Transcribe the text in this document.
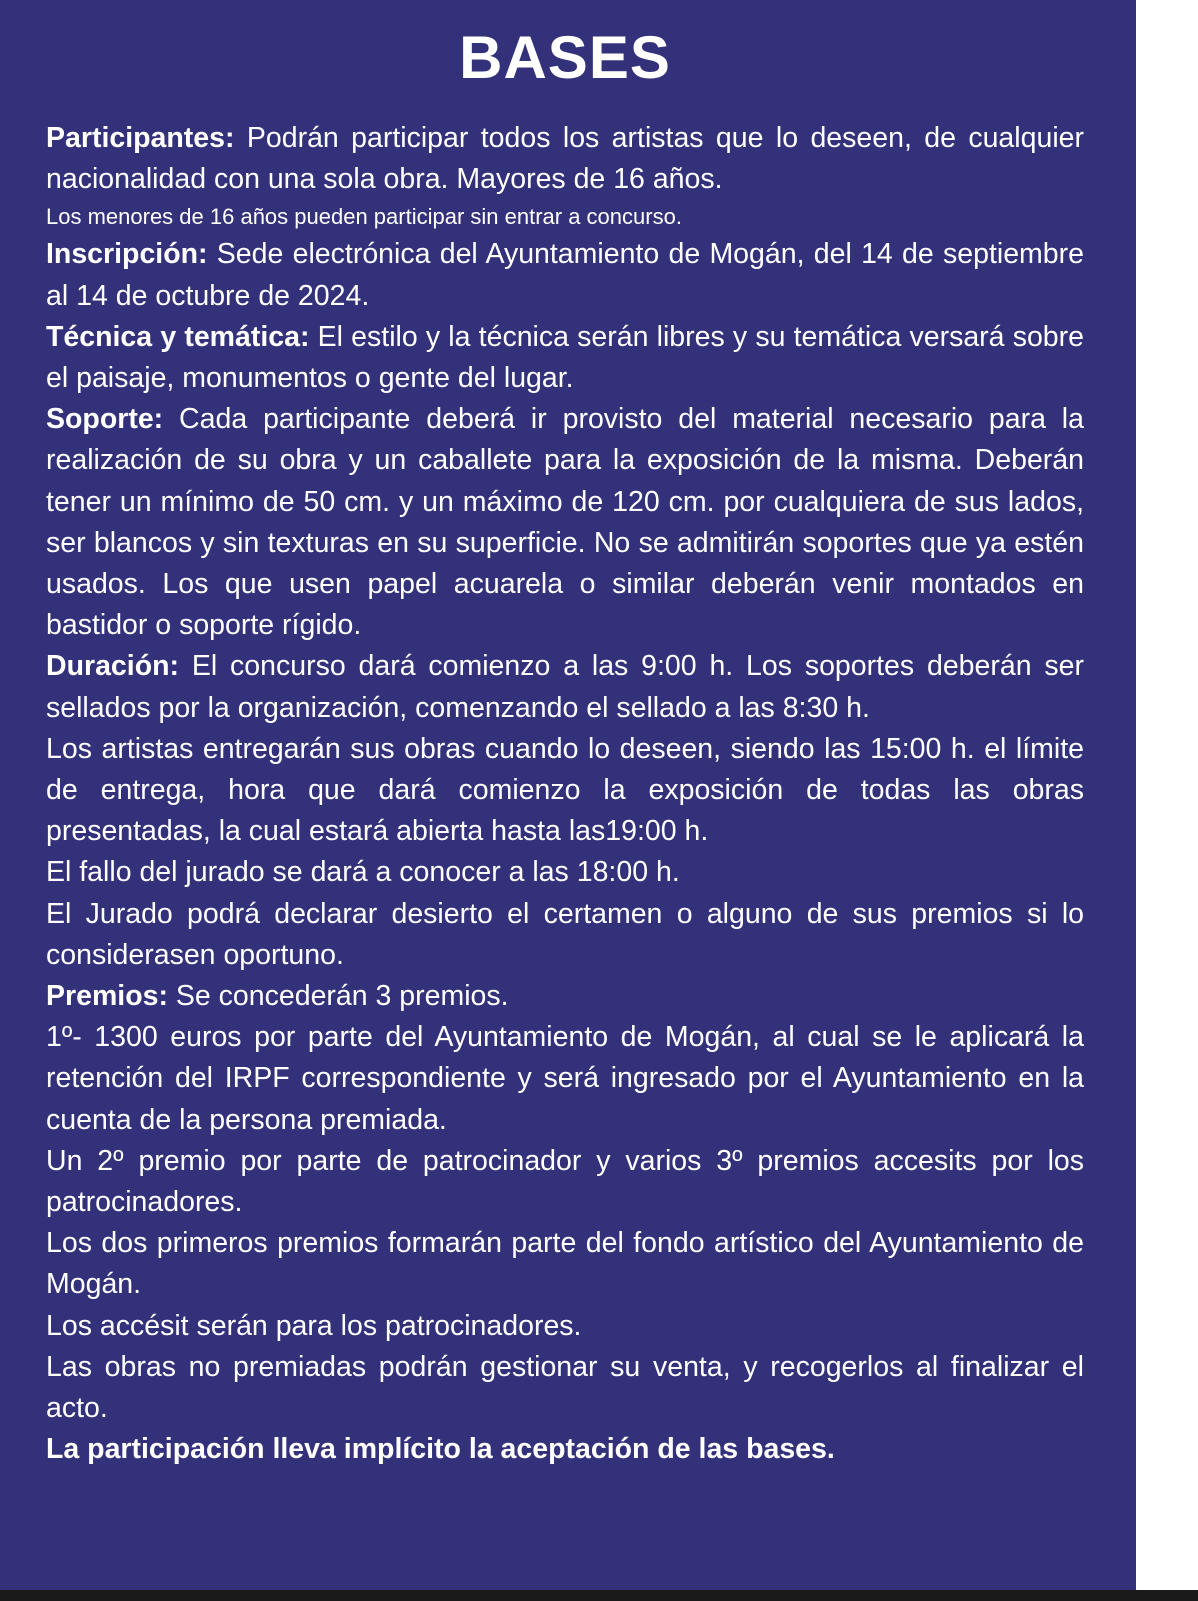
BASES
Participantes: Podrán participar todos los artistas que lo deseen, de cualquier nacionalidad con una sola obra. Mayores de 16 años.
Los menores de 16 años pueden participar sin entrar a concurso.
Inscripción: Sede electrónica del Ayuntamiento de Mogán, del 14 de septiembre al 14 de octubre de 2024.
Técnica y temática: El estilo y la técnica serán libres y su temática versará sobre el paisaje, monumentos o gente del lugar.
Soporte: Cada participante deberá ir provisto del material necesario para la realización de su obra y un caballete para la exposición de la misma. Deberán tener un mínimo de 50 cm. y un máximo de 120 cm. por cualquiera de sus lados, ser blancos y sin texturas en su superficie. No se admitirán soportes que ya estén usados. Los que usen papel acuarela o similar deberán venir montados en bastidor o soporte rígido.
Duración: El concurso dará comienzo a las 9:00 h. Los soportes deberán ser sellados por la organización, comenzando el sellado a las 8:30 h.
Los artistas entregarán sus obras cuando lo deseen, siendo las 15:00 h. el límite de entrega, hora que dará comienzo la exposición de todas las obras presentadas, la cual estará abierta hasta las19:00 h.
El fallo del jurado se dará a conocer a las 18:00 h.
El Jurado podrá declarar desierto el certamen o alguno de sus premios si lo considerasen oportuno.
Premios: Se concederán 3 premios.
1º- 1300 euros por parte del Ayuntamiento de Mogán, al cual se le aplicará la retención del IRPF correspondiente y será ingresado por el Ayuntamiento en la cuenta de la persona premiada.
Un 2º premio por parte de patrocinador y varios 3º premios accesits por los patrocinadores.
Los dos primeros premios formarán parte del fondo artístico del Ayuntamiento de Mogán.
Los accésit serán para los patrocinadores.
Las obras no premiadas podrán gestionar su venta, y recogerlos al finalizar el acto.
La participación lleva implícito la aceptación de las bases.
